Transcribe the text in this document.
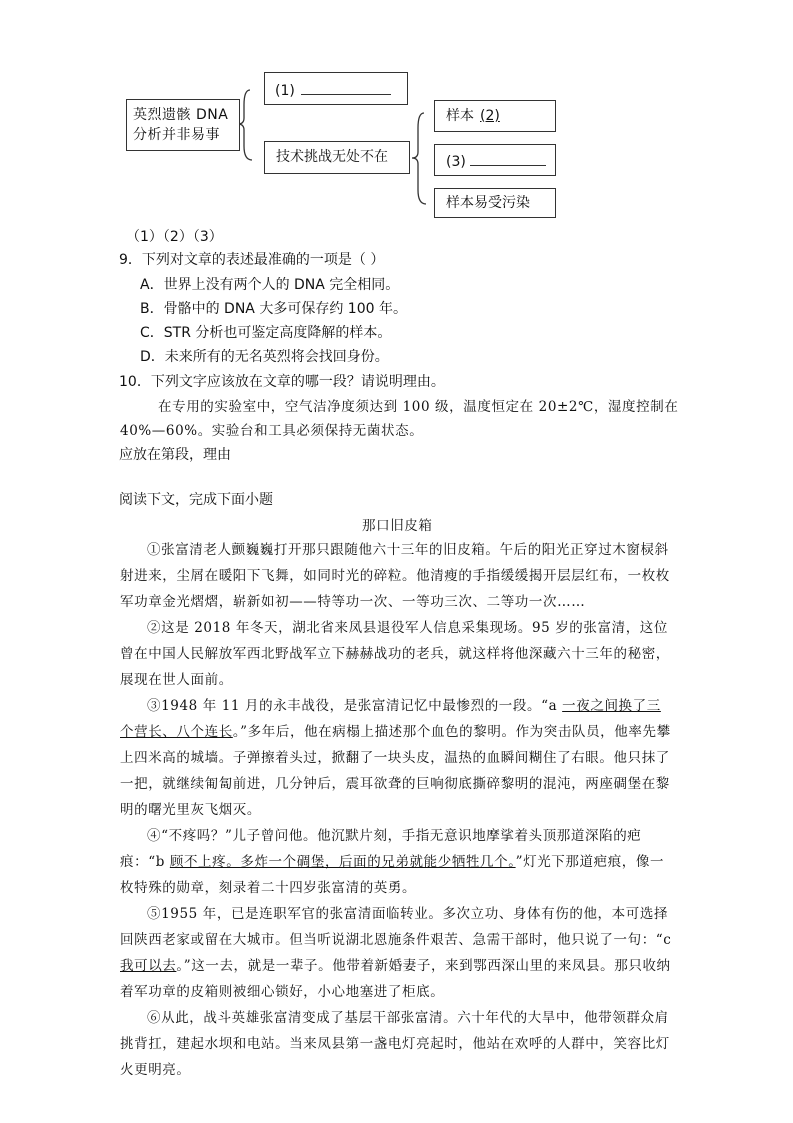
英烈遗骸 DNA 分析并非易事
(1)
技术挑战无处不在
样本 (2)
(3)
样本易受污染
（1）（2）（3）
9．下列对文章的表述最准确的一项是（ ）
A．世界上没有两个人的 DNA 完全相同。
B．骨骼中的 DNA 大多可保存约 100 年。
C．STR 分析也可鉴定高度降解的样本。
D．未来所有的无名英烈将会找回身份。
10．下列文字应该放在文章的哪一段？请说明理由。
在专用的实验室中，空气洁净度须达到 100 级，温度恒定在 20±2℃，湿度控制在
40%—60%。实验台和工具必须保持无菌状态。
应放在第段，理由
阅读下文，完成下面小题
那口旧皮箱

①张富清老人颤巍巍打开那只跟随他六十三年的旧皮箱。午后的阳光正穿过木窗棂斜射进来，尘屑在暖阳下飞舞，如同时光的碎粒。他清瘦的手指缓缓揭开层层红布，一枚枚军功章金光熠熠，崭新如初——特等功一次、一等功三次、二等功一次……

②这是 2018 年冬天，湖北省来凤县退役军人信息采集现场。95 岁的张富清，这位曾在中国人民解放军西北野战军立下赫赫战功的老兵，就这样将他深藏六十三年的秘密，展现在世人面前。

③1948 年 11 月的永丰战役，是张富清记忆中最惨烈的一段。“a 一夜之间换了三个营长、八个连长。”多年后，他在病榻上描述那个血色的黎明。作为突击队员，他率先攀上四米高的城墙。子弹擦着头过，掀翻了一块头皮，温热的血瞬间糊住了右眼。他只抹了一把，就继续匍匐前进，几分钟后，震耳欲聋的巨响彻底撕碎黎明的混沌，两座碉堡在黎明的曙光里灰飞烟灭。

④“不疼吗？”儿子曾问他。他沉默片刻，手指无意识地摩挲着头顶那道深陷的疤痕：“b 顾不上疼。多炸一个碉堡，后面的兄弟就能少牺牲几个。”灯光下那道疤痕，像一枚特殊的勋章，刻录着二十四岁张富清的英勇。

⑤1955 年，已是连职军官的张富清面临转业。多次立功、身体有伤的他，本可选择回陕西老家或留在大城市。但当听说湖北恩施条件艰苦、急需干部时，他只说了一句：“c 我可以去。”这一去，就是一辈子。他带着新婚妻子，来到鄂西深山里的来凤县。那只收纳着军功章的皮箱则被细心锁好，小心地塞进了柜底。

⑥从此，战斗英雄张富清变成了基层干部张富清。六十年代的大旱中，他带领群众肩挑背扛，建起水坝和电站。当来凤县第一盏电灯亮起时，他站在欢呼的人群中，笑容比灯火更明亮。
